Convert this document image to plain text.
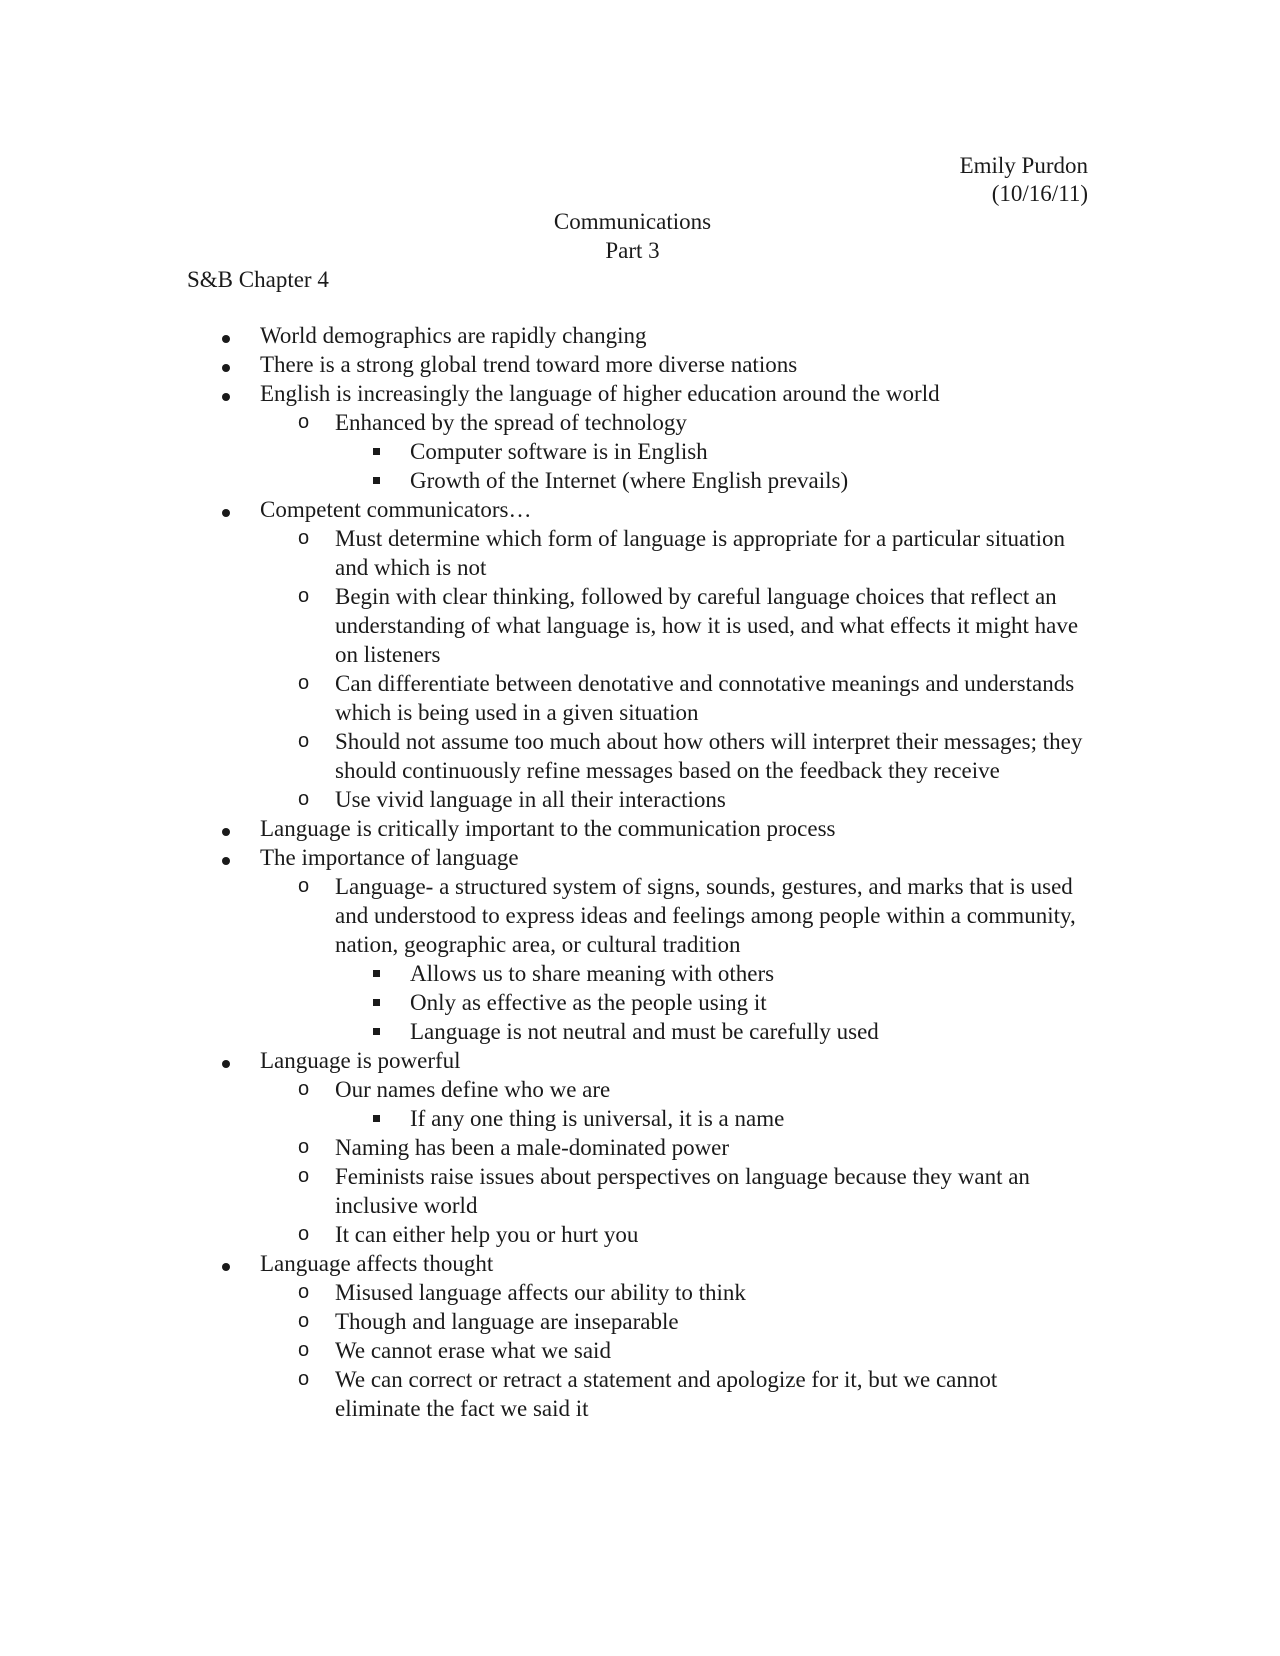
Emily Purdon
(10/16/11)
Communications
Part 3
S&B Chapter 4
World demographics are rapidly changing
There is a strong global trend toward more diverse nations
English is increasingly the language of higher education around the world
o Enhanced by the spread of technology
Computer software is in English
Growth of the Internet (where English prevails)
Competent communicators…
o Must determine which form of language is appropriate for a particular situation and which is not
o Begin with clear thinking, followed by careful language choices that reflect an understanding of what language is, how it is used, and what effects it might have on listeners
o Can differentiate between denotative and connotative meanings and understands which is being used in a given situation
o Should not assume too much about how others will interpret their messages; they should continuously refine messages based on the feedback they receive
o Use vivid language in all their interactions
Language is critically important to the communication process
The importance of language
o Language- a structured system of signs, sounds, gestures, and marks that is used and understood to express ideas and feelings among people within a community, nation, geographic area, or cultural tradition
Allows us to share meaning with others
Only as effective as the people using it
Language is not neutral and must be carefully used
Language is powerful
o Our names define who we are
If any one thing is universal, it is a name
o Naming has been a male-dominated power
o Feminists raise issues about perspectives on language because they want an inclusive world
o It can either help you or hurt you
Language affects thought
o Misused language affects our ability to think
o Though and language are inseparable
o We cannot erase what we said
o We can correct or retract a statement and apologize for it, but we cannot eliminate the fact we said it
